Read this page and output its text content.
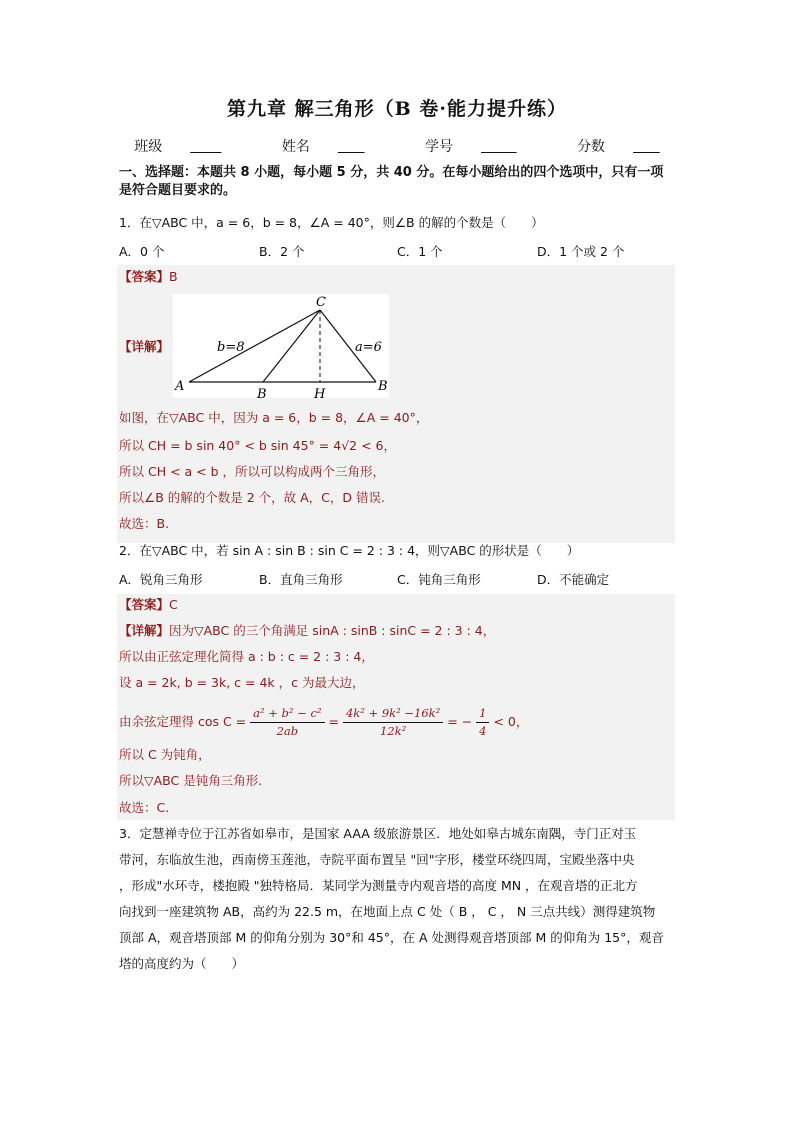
第九章 解三角形（B 卷·能力提升练）
班级	姓名	学号	分数
一、选择题：本题共 8 小题，每小题 5 分，共 40 分。在每小题给出的四个选项中，只有一项
是符合题目要求的。
1．在▽ABC 中，a = 6，b = 8，∠A = 40°，则∠B 的解的个数是（　　）
A．0 个	B．2 个	C．1 个	D．1 个或 2 个
【答案】B
【详解】
C
A
B	H
B
b=8	a=6
如图，在▽ABC 中，因为 a = 6，b = 8，∠A = 40°，
所以 CH = b sin 40° < b sin 45° = 4√2 < 6，
所以 CH < a < b ，所以可以构成两个三角形，
所以∠B 的解的个数是 2 个，故 A，C，D 错误.
故选：B.
2．在▽ABC 中，若 sin A : sin B : sin C = 2 : 3 : 4，则▽ABC 的形状是（　　）
A．锐角三角形	B．直角三角形	C．钝角三角形	D．不能确定
【答案】C
【详解】因为▽ABC 的三个角满足 sinA : sinB : sinC = 2 : 3 : 4，
所以由正弦定理化简得 a : b : c = 2 : 3 : 4，
设 a = 2k, b = 3k, c = 4k ，c 为最大边，
由余弦定理得 $\cos C = \frac{\text{a² + b² − c²}}{2ab} = \frac{\text{4k² + 9k² −16k²}}{\text{12k²}}$ = − $\frac{1}{4} < 0$，
所以 C 为钝角，
所以▽ABC 是钝角三角形.
故选：C.
3．定慧禅寺位于江苏省如皋市，是国家 AAA 级旅游景区．地处如皋古城东南隅，寺门正对玉
带河，东临放生池，西南傍玉莲池，寺院平面布置呈 "回"字形，楼堂环绕四周，宝殿坐落中央
，形成"水环寺，楼抱殿 "独特格局．某同学为测量寺内观音塔的高度 MN ，在观音塔的正北方
向找到一座建筑物 AB，高约为 22.5 m，在地面上点 C 处（ B ， C ， N 三点共线）测得建筑物
顶部 A，观音塔顶部 M 的仰角分别为 30°和 45°，在 A 处测得观音塔顶部 M 的仰角为 15°，观音
塔的高度约为（　　）
